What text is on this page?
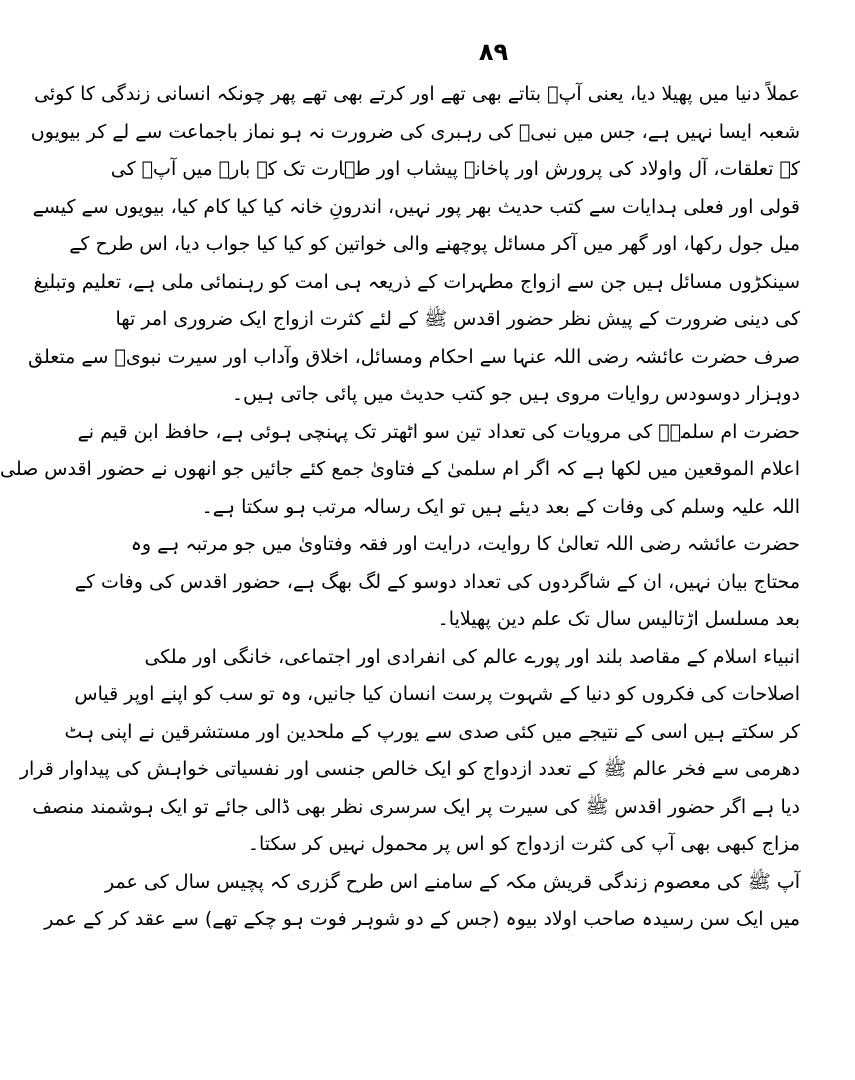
۸۹
عملاً دنیا میں پھیلا دیا، یعنی آپؐ بتاتے بھی تھے اور کرتے بھی تھے پھر چونکہ انسانی زندگی کا کوئی
شعبہ ایسا نہیں ہے، جس میں نبیؐ کی رہبری کی ضرورت نہ ہو نماز باجماعت سے لے کر بیویوں
کے تعلقات، آل واولاد کی پرورش اور پاخانہ پیشاب اور طہارت تک کے بارے میں آپؐ کی
قولی اور فعلی ہدایات سے کتب حدیث بھر پور نہیں، اندرونِ خانہ کیا کیا کام کیا، بیویوں سے کیسے
میل جول رکھا، اور گھر میں آکر مسائل پوچھنے والی خواتین کو کیا کیا جواب دیا، اس طرح کے
سینکڑوں مسائل ہیں جن سے ازواج مطہرات کے ذریعہ ہی امت کو رہنمائی ملی ہے، تعلیم وتبلیغ
کی دینی ضرورت کے پیش نظر حضور اقدس ﷺ کے لئے کثرت ازواج ایک ضروری امر تھا
صرف حضرت عائشہ رضی اللہ عنہا سے احکام ومسائل، اخلاق وآداب اور سیرت نبویؐ سے متعلق
دوہزار دوسودس روایات مروی ہیں جو کتب حدیث میں پائی جاتی ہیں۔
حضرت ام سلمہؓ کی مرویات کی تعداد تین سو اٹھتر تک پہنچی ہوئی ہے، حافظ ابن قیم نے
اعلام الموقعین میں لکھا ہے کہ اگر ام سلمیٰ کے فتاویٰ جمع کئے جائیں جو انھوں نے حضور اقدس صلی
اللہ علیہ وسلم کی وفات کے بعد دیئے ہیں تو ایک رسالہ مرتب ہو سکتا ہے۔
حضرت عائشہ رضی اللہ تعالیٰ کا روایت، درایت اور فقہ وفتاویٰ میں جو مرتبہ ہے وہ
محتاج بیان نہیں، ان کے شاگردوں کی تعداد دوسو کے لگ بھگ ہے، حضور اقدس کی وفات کے
بعد مسلسل اڑتالیس سال تک علم دین پھیلایا۔
انبیاء اسلام کے مقاصد بلند اور پورے عالم کی انفرادی اور اجتماعی، خانگی اور ملکی
اصلاحات کی فکروں کو دنیا کے شہوت پرست انسان کیا جانیں، وہ تو سب کو اپنے اوپر قیاس
کر سکتے ہیں اسی کے نتیجے میں کئی صدی سے یورپ کے ملحدین اور مستشرقین نے اپنی ہٹ
دھرمی سے فخر عالم ﷺ کے تعدد ازدواج کو ایک خالص جنسی اور نفسیاتی خواہش کی پیداوار قرار
دیا ہے اگر حضور اقدس ﷺ کی سیرت پر ایک سرسری نظر بھی ڈالی جائے تو ایک ہوشمند منصف
مزاج کبھی بھی آپ کی کثرت ازدواج کو اس پر محمول نہیں کر سکتا۔
آپ ﷺ کی معصوم زندگی قریش مکہ کے سامنے اس طرح گزری کہ پچیس سال کی عمر
میں ایک سن رسیدہ صاحب اولاد بیوہ (جس کے دو شوہر فوت ہو چکے تھے) سے عقد کر کے عمر
